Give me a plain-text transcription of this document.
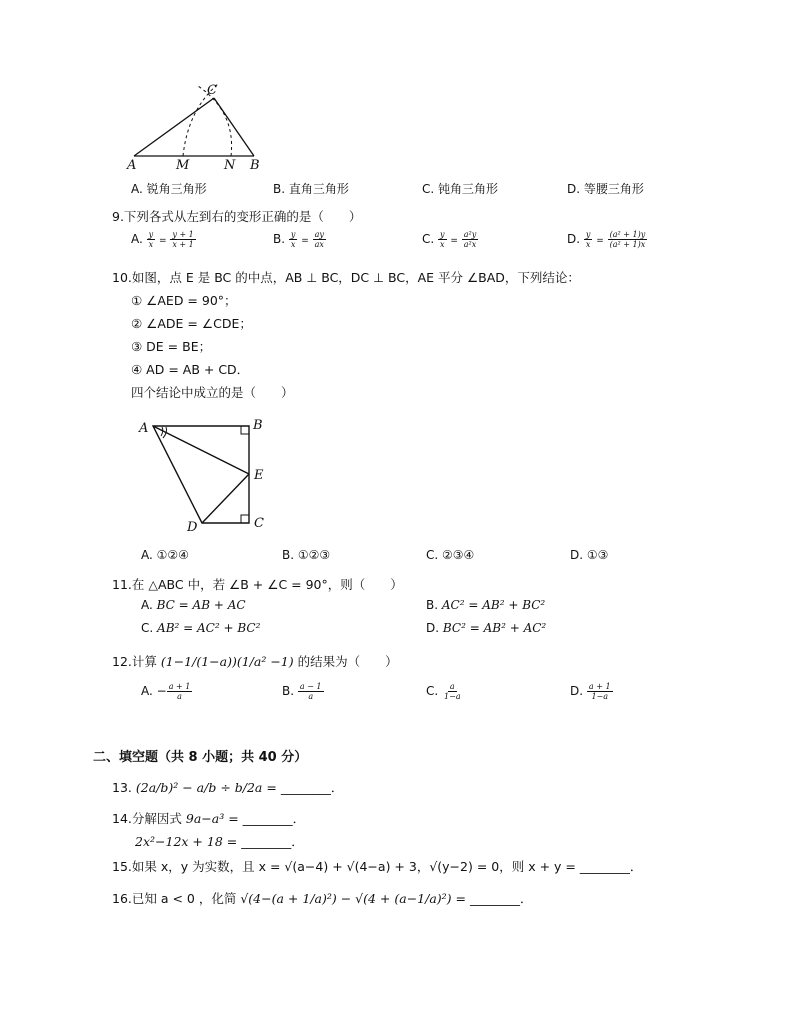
C
A	M	N B
A. 锐角三角形	B. 直角三角形	C. 钝角三角形	D. 等腰三角形
9.下列各式从左到右的变形正确的是（　　）
A. $\frac{y}{x} = \frac{y + 1}{x + 1}$	B. $\frac{y}{x} = \frac{ay}{ax}$	C. $\frac{y}{x} = \frac{\text{a²y}}{\text{a²x}}$	D. $\frac{y}{x} = \frac{\text{(a² + 1)y}}{\text{(a² + 1)x}}$
10.如图，点 E 是 BC 的中点，AB ⊥ BC，DC ⊥ BC，AE 平分 ∠BAD，下列结论：
① ∠AED = 90°；
② ∠ADE = ∠CDE；
③ DE = BE；
④ AD = AB + CD．
四个结论中成立的是（　　）
A	B
E
D	C
A. ①②④	B. ①②③	C. ②③④	D. ①③
11.在 △ABC 中，若 ∠B + ∠C = 90°，则（　　）
A. BC = AB + AC	B. AC² = AB² + BC²
C. AB² = AC² + BC²	D. BC² = AB² + AC²
12.计算 (1−1/(1−a))(1/a² −1) 的结果为（　　）
A. − $\frac{a + 1}{a}$	B. $\frac{a - 1}{a}$	C. $\frac{a}{1-a}$	D. $\frac{a + 1}{1-a}$
二、填空题（共 8 小题；共 40 分）
13. (2a/b)² − a/b ÷ b/2a = ________．
14.分解因式 9a−a³ = ________．
2x²−12x + 18 = ________．
15.如果 x，y 为实数，且 x = √(a−4) + √(4−a) + 3，√(y−2) = 0，则 x + y = ________．
16.已知 a < 0 ，化简 √(4−(a + 1/a)²) − √(4 + (a−1/a)²) = ________．
